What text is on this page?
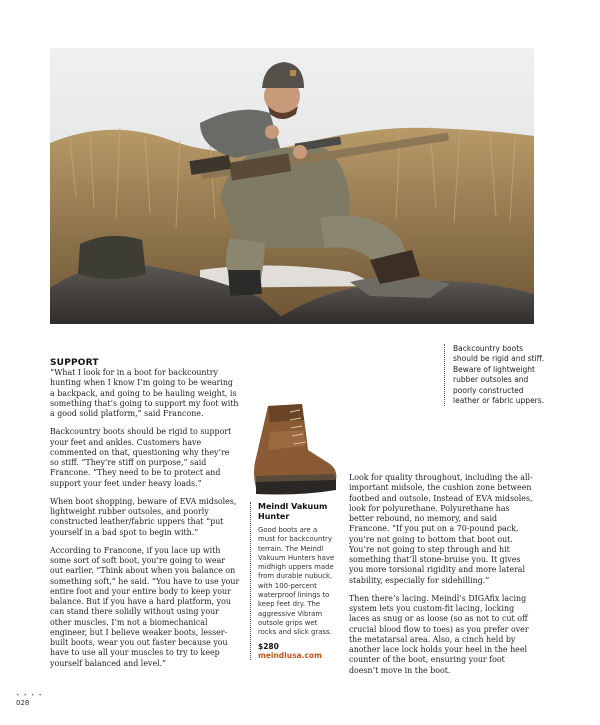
Backcountry boots should be rigid and stiff. Beware of lightweight rubber outsoles and poorly constructed leather or fabric uppers.
SUPPORT

“What I look for in a boot for backcountry hunting when I know I’m going to be wearing a backpack, and going to be hauling weight, is something that’s going to support my foot with a good solid platform,” said Francone.

Backcountry boots should be rigid to support your feet and ankles. Customers have commented on that, questioning why they’re so stiff. “They’re stiff on purpose,” said Francone. “They need to be to protect and support your feet under heavy loads.”

When boot shopping, beware of EVA midsoles, lightweight rubber outsoles, and poorly constructed leather/fabric uppers that “put yourself in a bad spot to begin with.”

According to Francone, if you lace up with some sort of soft boot, you’re going to wear out earlier. “Think about when you balance on something soft,” he said. “You have to use your entire foot and your entire body to keep your balance. But if you have a hard platform, you can stand there solidly without using your other muscles. I’m not a biomechanical engineer, but I believe weaker boots, lesser-built boots, wear you out faster because you have to use all your muscles to try to keep yourself balanced and level.”

Meindl Vakuum Hunter
Good boots are a must for backcountry terrain. The Meindl Vakuum Hunters have midhigh uppers made from durable nubuck, with 100-percent waterproof linings to keep feet dry. The aggressive Vibram outsole grips wet rocks and slick grass.
$280
meindlusa.com

Look for quality throughout, including the all-important midsole, the cushion zone between footbed and outsole. Instead of EVA midsoles, look for polyurethane. Polyurethane has better rebound, no memory, and said Francone. “If you put on a 70-pound pack, you’re not going to bottom that boot out. You’re not going to step through and hit something that’ll stone-bruise you. It gives you more torsional rigidity and more lateral stability, especially for sidehilling.”

Then there’s lacing. Meindl’s DIGAfix lacing system lets you custom-fit lacing, locking laces as snug or as loose (so as not to cut off crucial blood flow to toes) as you prefer over the metatarsal area. Also, a cinch held by another lace lock holds your heel in the heel counter of the boot, ensuring your foot doesn’t move in the boot.

• • • •
028
